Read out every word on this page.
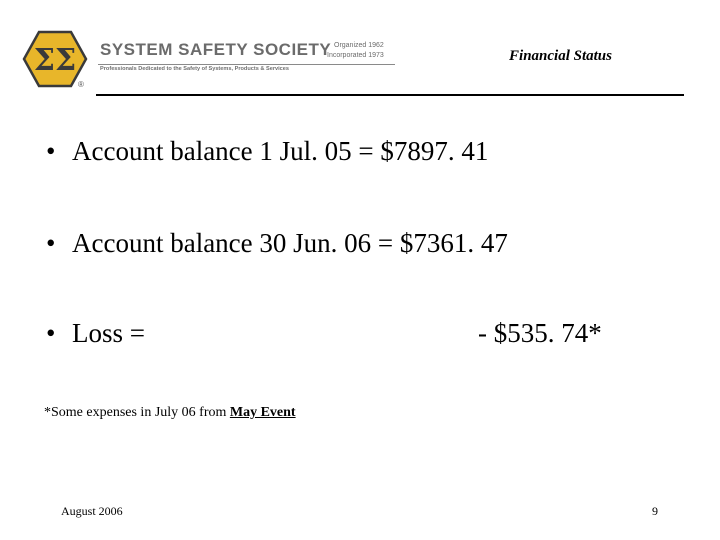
ΣΣ
®
SYSTEM SAFETY SOCIETY
Professionals Dedicated to the Safety of Systems, Products & Services
Organized 1962
Incorporated 1973	Financial Status
• Account balance 1 Jul. 05 = $7897. 41
• Account balance 30 Jun. 06 = $7361. 47
• Loss =	- $535. 74*
*Some expenses in July 06 from May Event
August 2006	9
